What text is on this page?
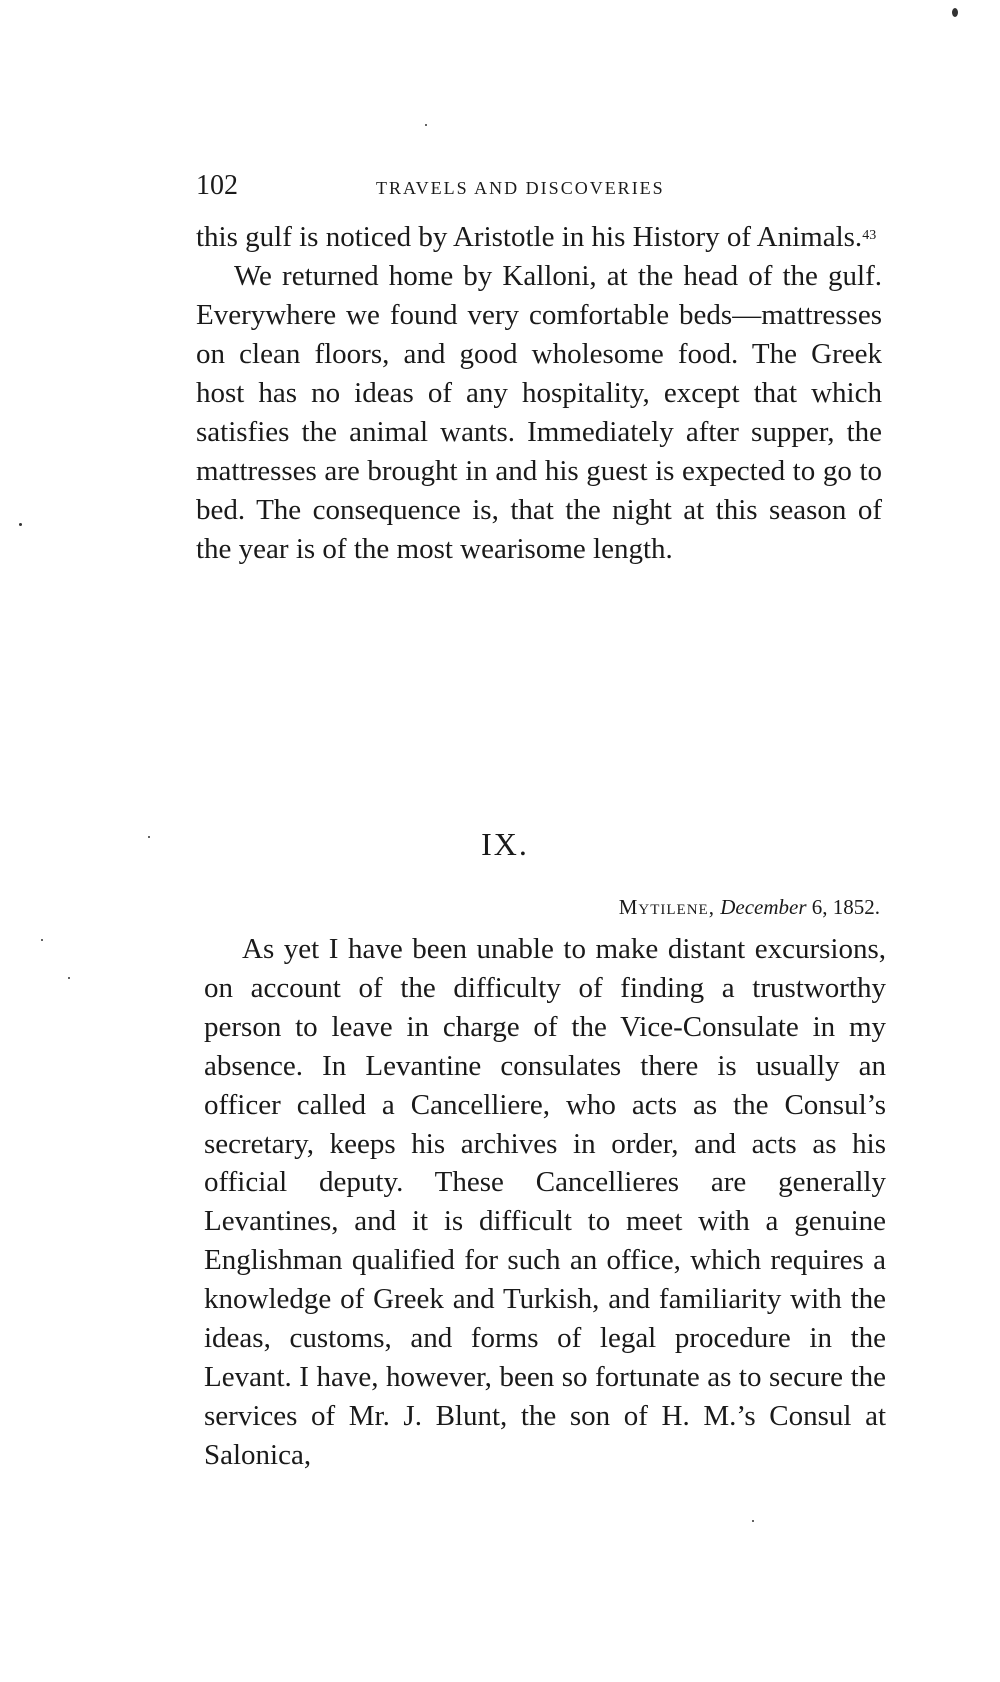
102	TRAVELS AND DISCOVERIES

this gulf is noticed by Aristotle in his History of Animals.$^{43}$

We returned home by Kalloni, at the head of the gulf. Everywhere we found very comfortable beds—mattresses on clean floors, and good wholesome food. The Greek host has no ideas of any hospitality, except that which satisfies the animal wants. Immediately after supper, the mattresses are brought in and his guest is expected to go to bed. The consequence is, that the night at this season of the year is of the most wearisome length.

IX.
Mytilene, December 6, 1852.

As yet I have been unable to make distant excursions, on account of the difficulty of finding a trustworthy person to leave in charge of the Vice-Consulate in my absence. In Levantine consulates there is usually an officer called a Cancelliere, who acts as the Consul’s secretary, keeps his archives in order, and acts as his official deputy. These Cancellieres are generally Levantines, and it is difficult to meet with a genuine Englishman qualified for such an office, which requires a knowledge of Greek and Turkish, and familiarity with the ideas, customs, and forms of legal procedure in the Levant. I have, however, been so fortunate as to secure the services of Mr. J. Blunt, the son of H. M.’s Consul at Salonica,
